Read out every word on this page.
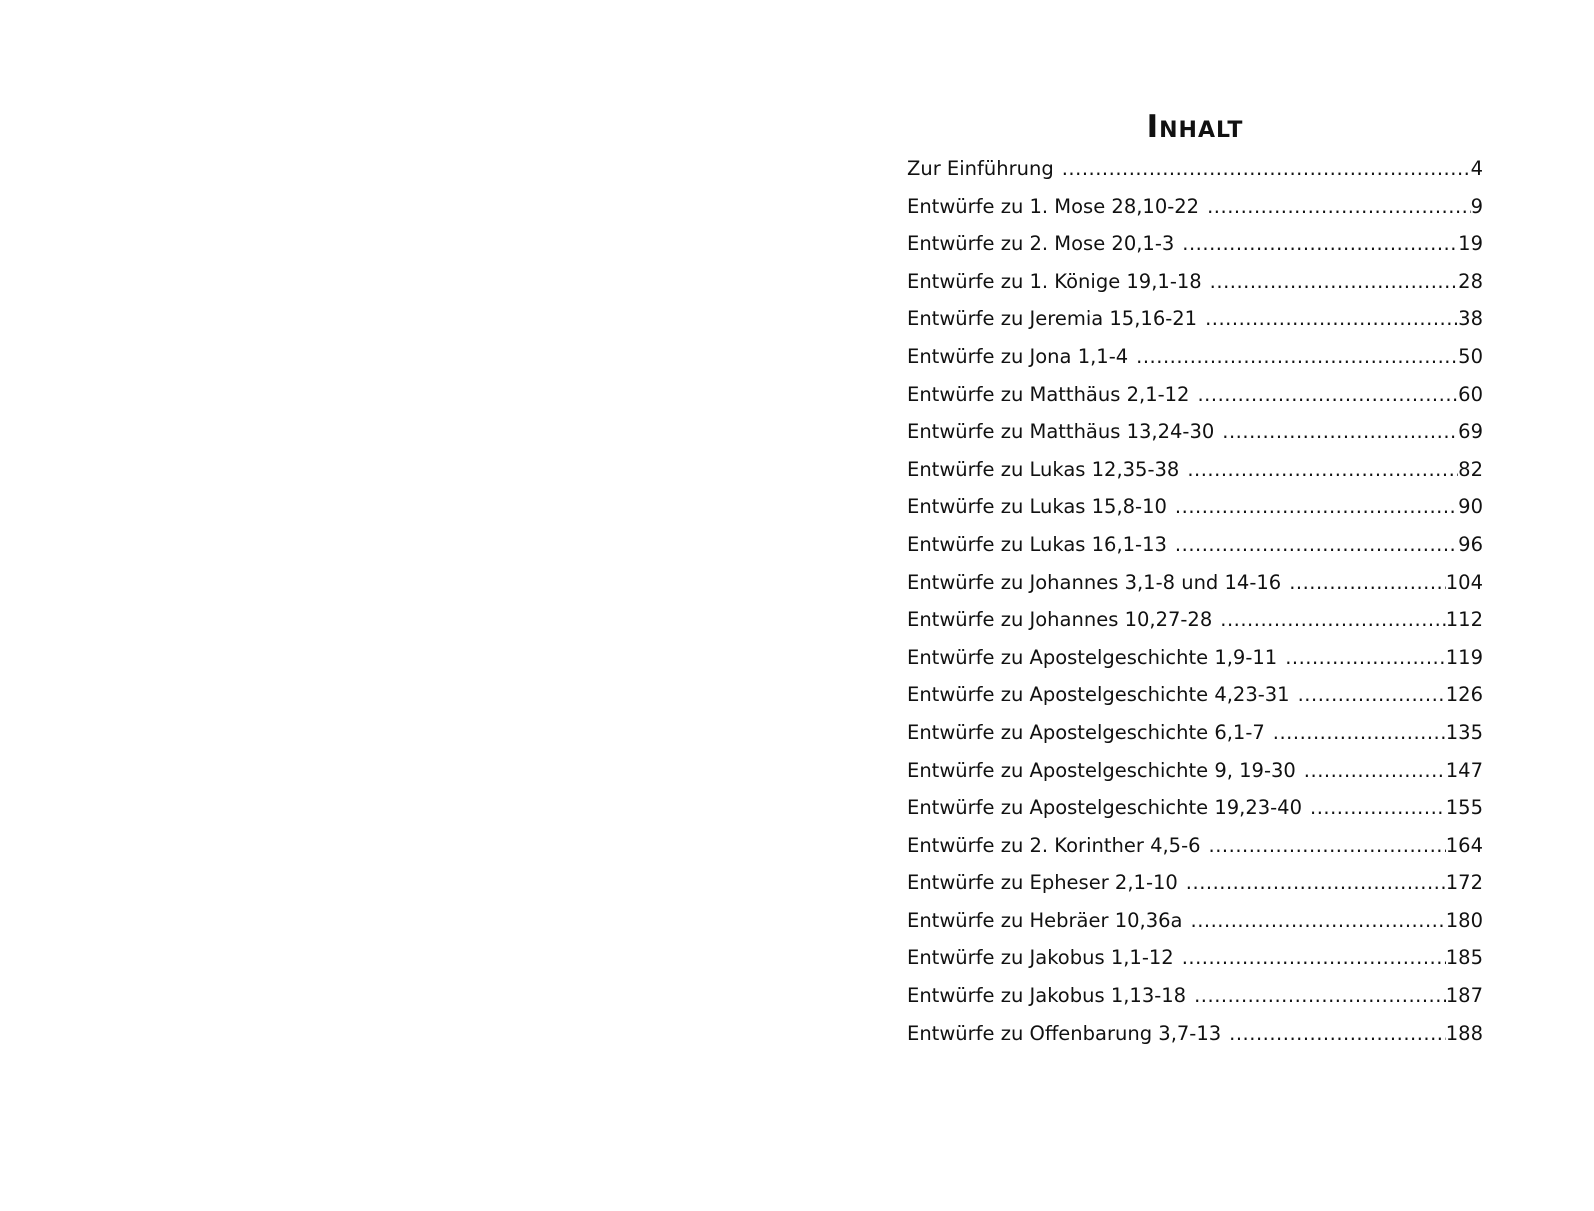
Inhalt
Zur Einführung .....	4
Entwürfe zu 1. Mose 28,10-22 .....	9
Entwürfe zu 2. Mose 20,1-3 .....	19
Entwürfe zu 1. Könige 19,1-18 .....	28
Entwürfe zu Jeremia 15,16-21 .....	38
Entwürfe zu Jona 1,1-4 .....	50
Entwürfe zu Matthäus 2,1-12 .....	60
Entwürfe zu Matthäus 13,24-30 .....	69
Entwürfe zu Lukas 12,35-38 .....	82
Entwürfe zu Lukas 15,8-10 .....	90
Entwürfe zu Lukas 16,1-13 .....	96
Entwürfe zu Johannes 3,1-8 und 14-16 .....	104
Entwürfe zu Johannes 10,27-28 .....	112
Entwürfe zu Apostelgeschichte 1,9-11 .....	119
Entwürfe zu Apostelgeschichte 4,23-31 .....	126
Entwürfe zu Apostelgeschichte 6,1-7 .....	135
Entwürfe zu Apostelgeschichte 9, 19-30 .....	147
Entwürfe zu Apostelgeschichte 19,23-40 .....	155
Entwürfe zu 2. Korinther 4,5-6 .....	164
Entwürfe zu Epheser 2,1-10 .....	172
Entwürfe zu Hebräer 10,36a .....	180
Entwürfe zu Jakobus 1,1-12 .....	185
Entwürfe zu Jakobus 1,13-18 .....	187
Entwürfe zu Offenbarung 3,7-13 .....	188
